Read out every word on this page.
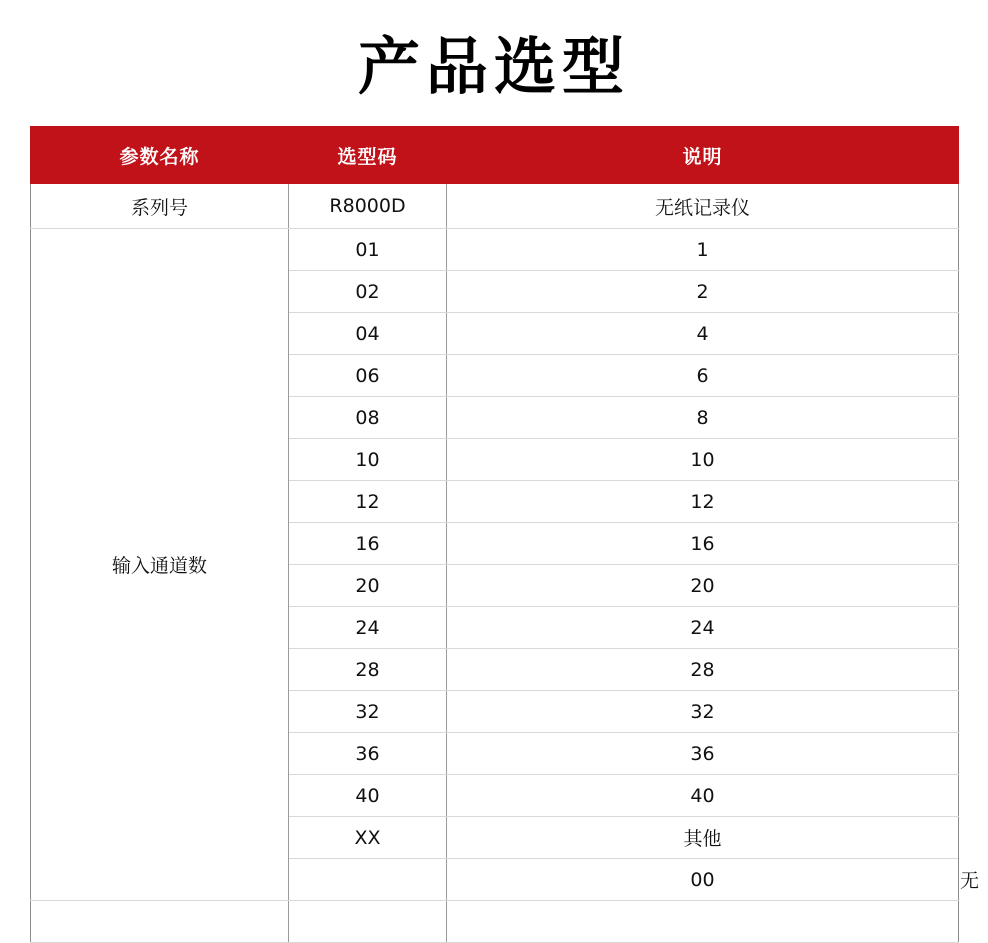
产品选型
参数名称	选型码	说明	
系列号	R8000D	无纸记录仪	
输入通道数	01	1	
	02	2	
	04	4	
	06	6	
	08	8	
	10	10	
	12	12	
	16	16	
	20	20	
	24	24	
	28	28	
	32	32	
	36	36	
	40	40	
	XX	其他	
		00	无
